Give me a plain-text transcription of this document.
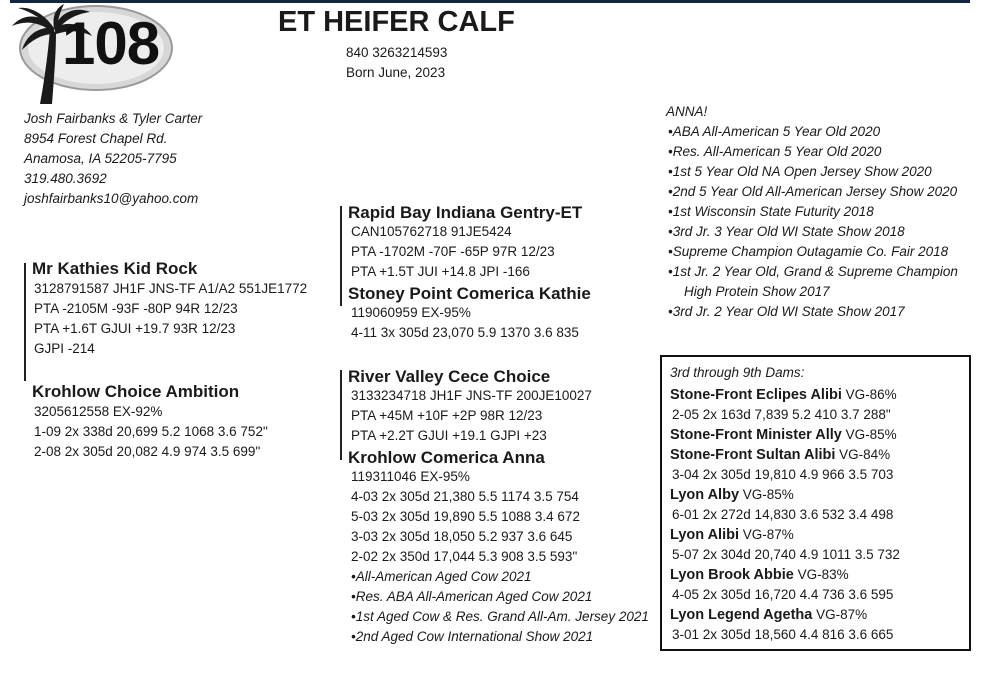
108	ET HEIFER CALF
840 3263214593
Born June, 2023
Josh Fairbanks & Tyler Carter
8954 Forest Chapel Rd.
Anamosa, IA 52205-7795
319.480.3692
joshfairbanks10@yahoo.com
Mr Kathies Kid Rock
3128791587 JH1F JNS-TF A1/A2 551JE1772
PTA -2105M -93F -80P 94R 12/23
PTA +1.6T GJUI +19.7 93R 12/23
GJPI -214
Krohlow Choice Ambition
3205612558 EX-92%
1-09 2x 338d 20,699 5.2 1068 3.6 752"
2-08 2x 305d 20,082 4.9 974 3.5 699"
Rapid Bay Indiana Gentry-ET
CAN105762718 91JE5424
PTA -1702M -70F -65P 97R 12/23
PTA +1.5T JUI +14.8 JPI -166
Stoney Point Comerica Kathie
119060959 EX-95%
4-11 3x 305d 23,070 5.9 1370 3.6 835
River Valley Cece Choice
3133234718 JH1F JNS-TF 200JE10027
PTA +45M +10F +2P 98R 12/23
PTA +2.2T GJUI +19.1 GJPI +23
Krohlow Comerica Anna
119311046 EX-95%
4-03 2x 305d 21,380 5.5 1174 3.5 754
5-03 2x 305d 19,890 5.5 1088 3.4 672
3-03 2x 305d 18,050 5.2 937 3.6 645
2-02 2x 350d 17,044 5.3 908 3.5 593"
•All-American Aged Cow 2021
•Res. ABA All-American Aged Cow 2021
•1st Aged Cow & Res. Grand All-Am. Jersey 2021
•2nd Aged Cow International Show 2021
ANNA!
•ABA All-American 5 Year Old 2020
•Res. All-American 5 Year Old 2020
•1st 5 Year Old NA Open Jersey Show 2020
•2nd 5 Year Old All-American Jersey Show 2020
•1st Wisconsin State Futurity 2018
•3rd Jr. 3 Year Old WI State Show 2018
•Supreme Champion Outagamie Co. Fair 2018
•1st Jr. 2 Year Old, Grand & Supreme Champion
High Protein Show 2017
•3rd Jr. 2 Year Old WI State Show 2017
3rd through 9th Dams:
Stone-Front Eclipes Alibi VG-86%
2-05 2x 163d 7,839 5.2 410 3.7 288"
Stone-Front Minister Ally VG-85%
Stone-Front Sultan Alibi VG-84%
3-04 2x 305d 19,810 4.9 966 3.5 703
Lyon Alby VG-85%
6-01 2x 272d 14,830 3.6 532 3.4 498
Lyon Alibi VG-87%
5-07 2x 304d 20,740 4.9 1011 3.5 732
Lyon Brook Abbie VG-83%
4-05 2x 305d 16,720 4.4 736 3.6 595
Lyon Legend Agetha VG-87%
3-01 2x 305d 18,560 4.4 816 3.6 665
